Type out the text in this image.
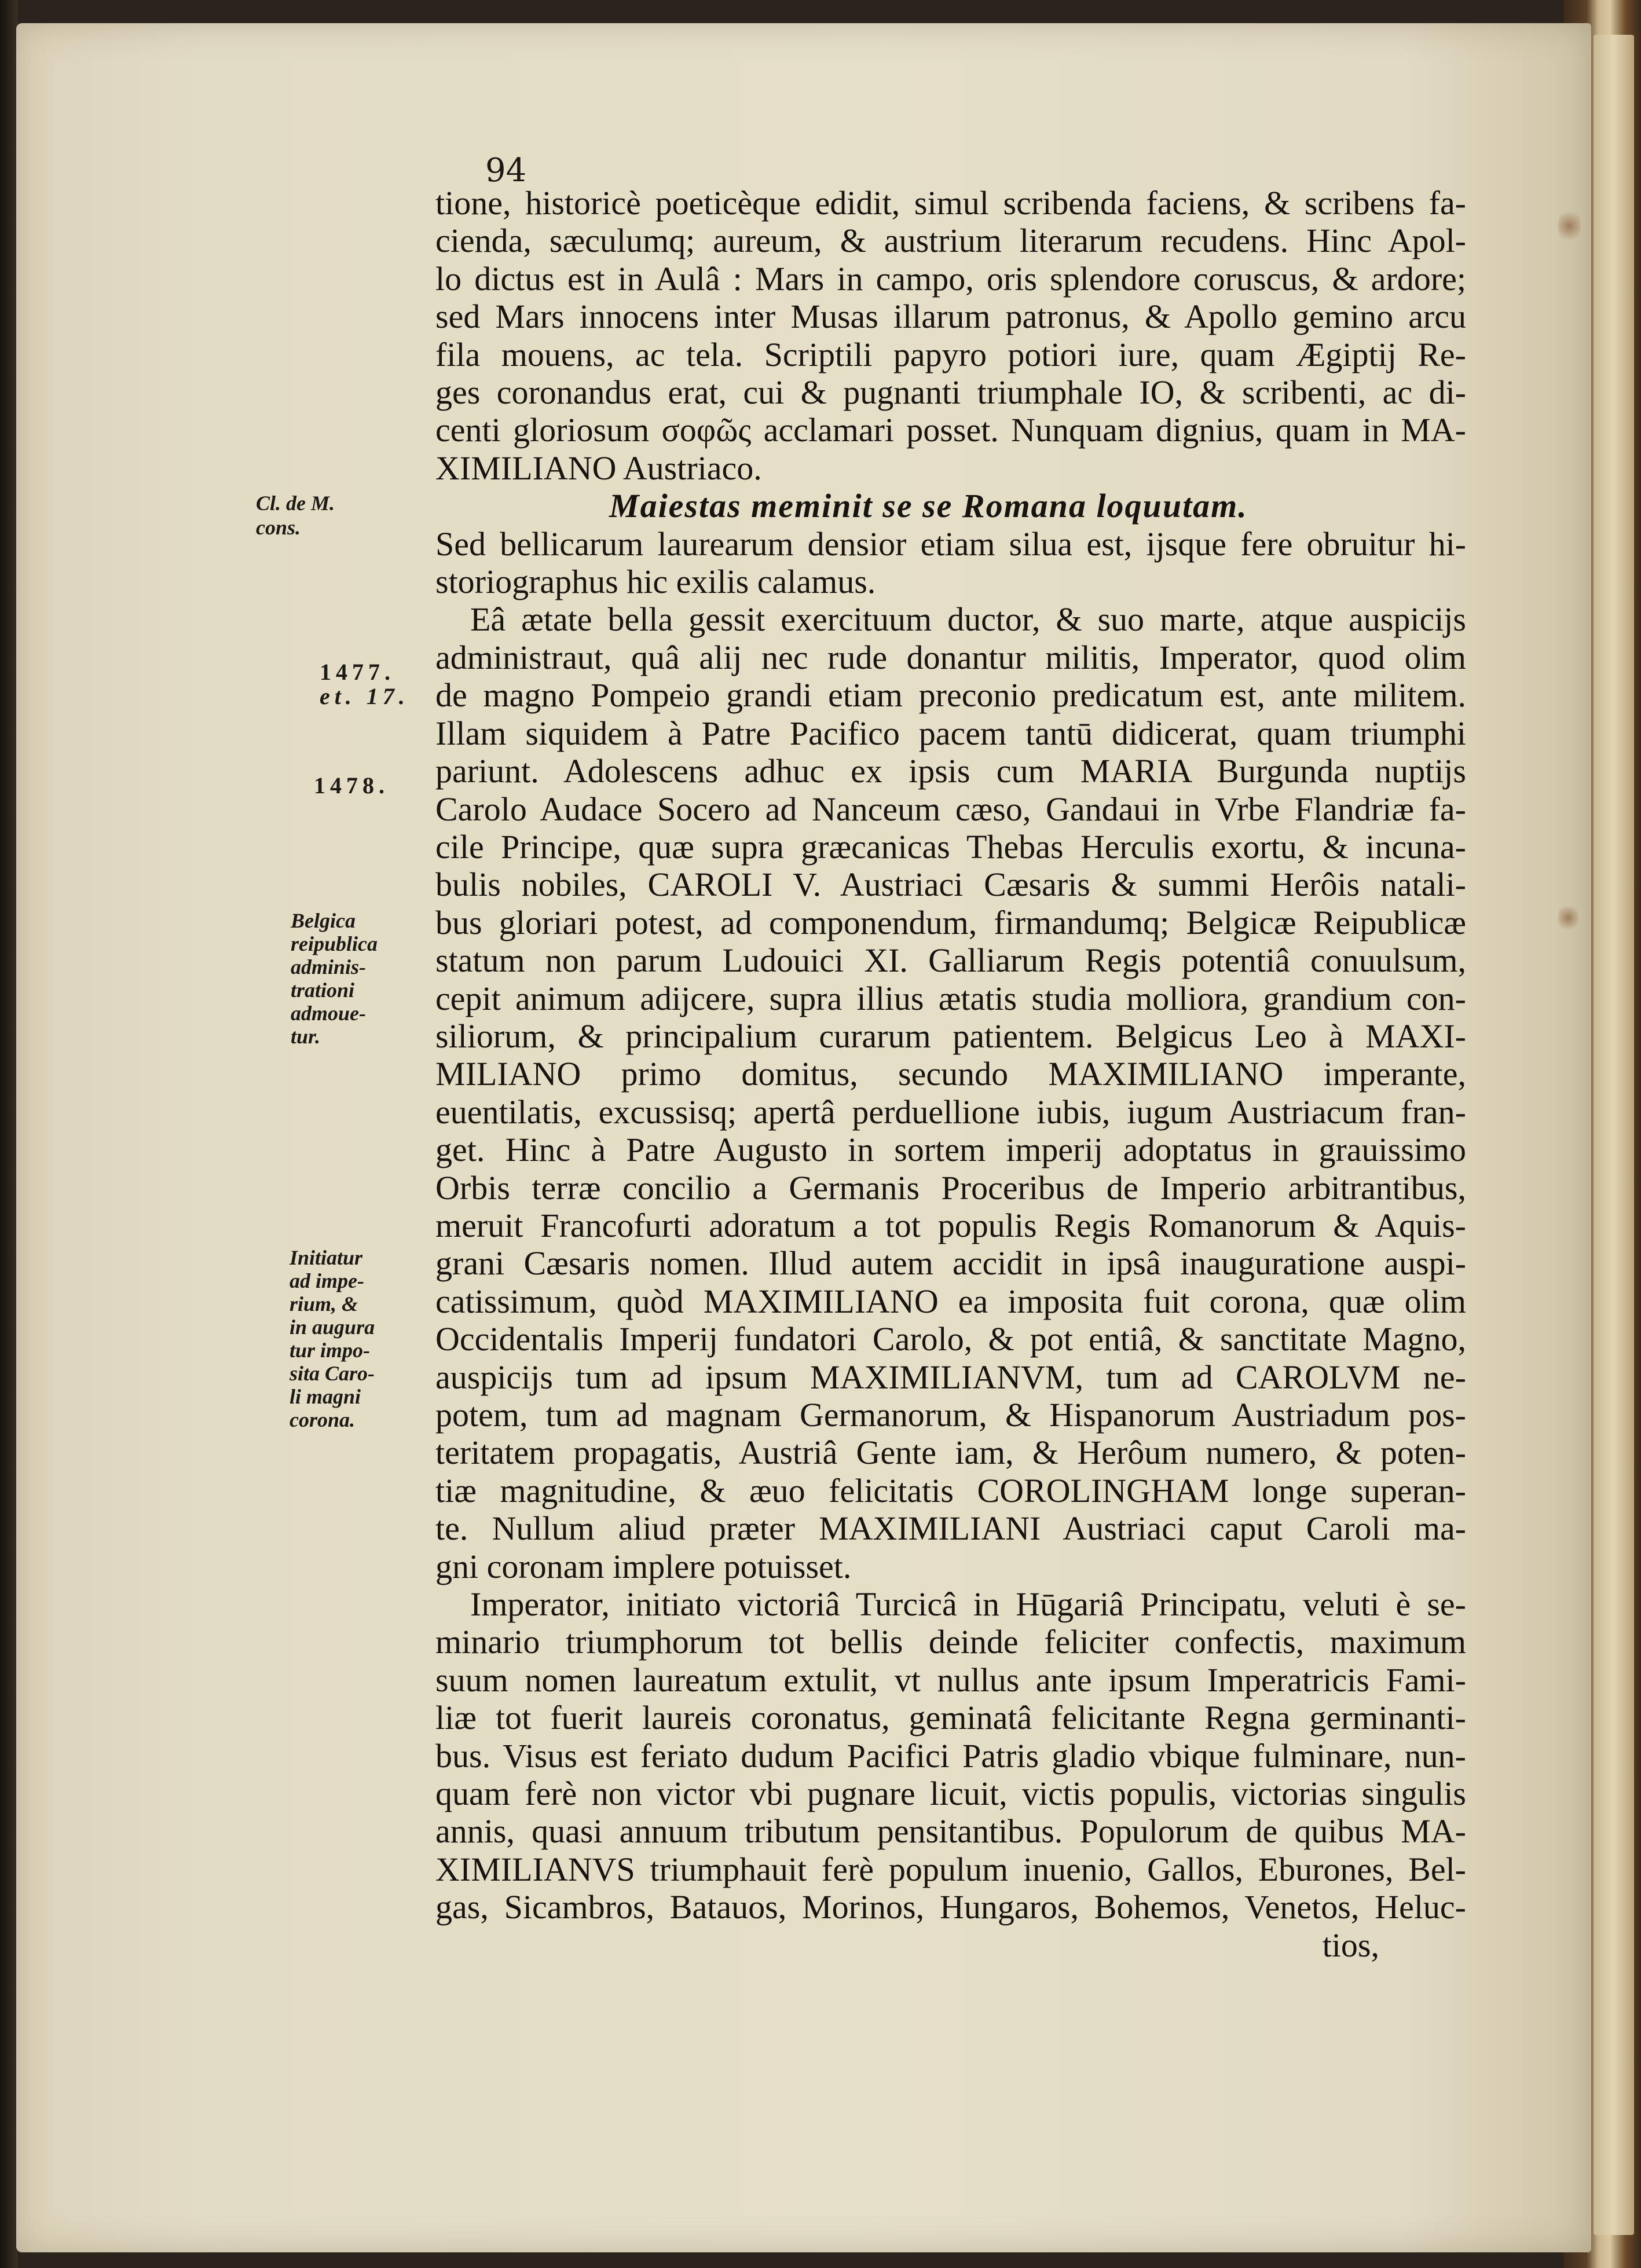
94
Cl. de M.
cons.
1477.
et. 17.
1478.
Belgica
reipublica
adminis-
trationi
admoue-
tur.
Initiatur
ad impe-
rium, &
in augura
tur impo-
sita Caro-
li magni
corona.
tione, historicè poeticèque edidit, simul scribenda faciens, & scribens fa-
cienda, sæculumq; aureum, & austrium literarum recudens. Hinc Apol-
lo dictus est in Aulâ : Mars in campo, oris splendore coruscus, & ardore;
sed Mars innocens inter Musas illarum patronus, & Apollo gemino arcu
fila mouens, ac tela. Scriptili papyro potiori iure, quam Ægiptij Re-
ges coronandus erat, cui & pugnanti triumphale IO, & scribenti, ac di-
centi gloriosum σοφῶς acclamari posset. Nunquam dignius, quam in MA-
XIMILIANO Austriaco.
Maiestas meminit se se Romana loquutam.
Sed bellicarum laurearum densior etiam silua est, ijsque fere obruitur hi-
storiographus hic exilis calamus.
Eâ ætate bella gessit exercituum ductor, & suo marte, atque auspicijs
administraut, quâ alij nec rude donantur militis, Imperator, quod olim
de magno Pompeio grandi etiam preconio predicatum est, ante militem.
Illam siquidem à Patre Pacifico pacem tantū didicerat, quam triumphi
pariunt. Adolescens adhuc ex ipsis cum MARIA Burgunda nuptijs
Carolo Audace Socero ad Nanceum cæso, Gandaui in Vrbe Flandriæ fa-
cile Principe, quæ supra græcanicas Thebas Herculis exortu, & incuna-
bulis nobiles, CAROLI V. Austriaci Cæsaris & summi Herôis natali-
bus gloriari potest, ad componendum, firmandumq; Belgicæ Reipublicæ
statum non parum Ludouici XI. Galliarum Regis potentiâ conuulsum,
cepit animum adijcere, supra illius ætatis studia molliora, grandium con-
siliorum, & principalium curarum patientem. Belgicus Leo à MAXI-
MILIANO primo domitus, secundo MAXIMILIANO imperante,
euentilatis, excussisq; apertâ perduellione iubis, iugum Austriacum fran-
get. Hinc à Patre Augusto in sortem imperij adoptatus in grauissimo
Orbis terræ concilio a Germanis Proceribus de Imperio arbitrantibus,
meruit Francofurti adoratum a tot populis Regis Romanorum & Aquis-
grani Cæsaris nomen. Illud autem accidit in ipsâ inauguratione auspi-
catissimum, quòd MAXIMILIANO ea imposita fuit corona, quæ olim
Occidentalis Imperij fundatori Carolo, & pot entiâ, & sanctitate Magno,
auspicijs tum ad ipsum MAXIMILIANVM, tum ad CAROLVM ne-
potem, tum ad magnam Germanorum, & Hispanorum Austriadum pos-
teritatem propagatis, Austriâ Gente iam, & Herôum numero, & poten-
tiæ magnitudine, & æuo felicitatis COROLINGHAM longe superan-
te. Nullum aliud præter MAXIMILIANI Austriaci caput Caroli ma-
gni coronam implere potuisset.
Imperator, initiato victoriâ Turcicâ in Hūgariâ Principatu, veluti è se-
minario triumphorum tot bellis deinde feliciter confectis, maximum
suum nomen laureatum extulit, vt nullus ante ipsum Imperatricis Fami-
liæ tot fuerit laureis coronatus, geminatâ felicitante Regna germinanti-
bus. Visus est feriato dudum Pacifici Patris gladio vbique fulminare, nun-
quam ferè non victor vbi pugnare licuit, victis populis, victorias singulis
annis, quasi annuum tributum pensitantibus. Populorum de quibus MA-
XIMILIANVS triumphauit ferè populum inuenio, Gallos, Eburones, Bel-
gas, Sicambros, Batauos, Morinos, Hungaros, Bohemos, Venetos, Heluc-
tios,
